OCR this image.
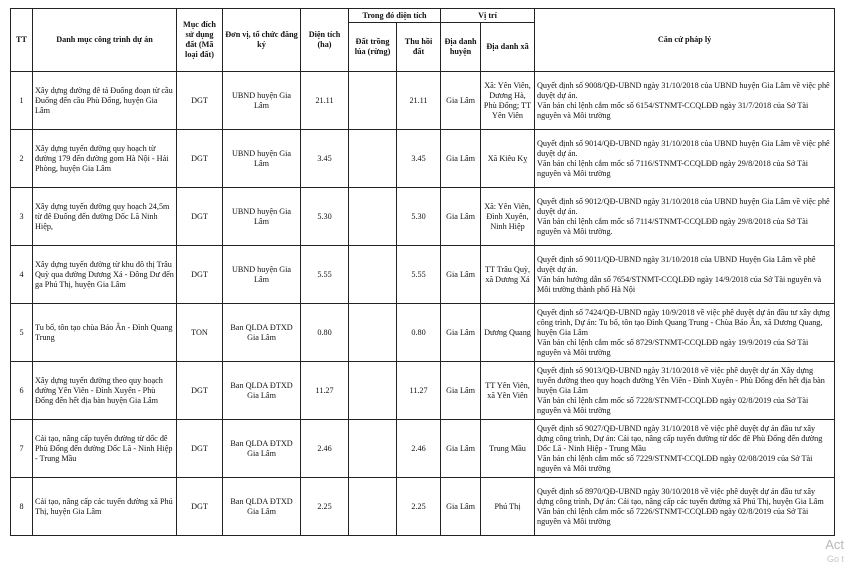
TT	Danh mục công trình dự án	Mục đích sử dụng đất (Mã loại đất)	Đơn vị, tổ chức đăng ký	Diện tích (ha)	Trong đó diện tích		Vị trí		Căn cứ pháp lý
					Đất trồng lúa (rừng)	Thu hồi đất	Địa danh huyện	Địa danh xã	
1	Xây dựng đường đê tả Đuống đoạn từ cầu Đuống đến cầu Phù Đổng, huyện Gia Lâm	DGT	UBND huyện Gia Lâm	21.11		21.11	Gia Lâm	Xã: Yên Viên, Dương Hà, Phù Đổng; TT Yên Viên	Quyết định số 9008/QĐ-UBND ngày 31/10/2018 của UBND huyện Gia Lâm về việc phê duyệt dự án.
Văn bản chỉ lệnh cắm mốc số 6154/STNMT-CCQLĐĐ ngày 31/7/2018 của Sở Tài nguyên và Môi trường

2	Xây dựng tuyến đường quy hoạch từ đường 179 đến đường gom Hà Nội - Hải Phòng, huyện Gia Lâm	DGT	UBND huyện Gia Lâm	3.45		3.45	Gia Lâm	Xã Kiêu Kỵ	Quyết định số 9014/QĐ-UBND ngày 31/10/2018 của UBND huyện Gia Lâm về việc phê duyệt dự án.
Văn bản chỉ lệnh cắm mốc số 7116/STNMT-CCQLĐĐ ngày 29/8/2018 của Sở Tài nguyên và Môi trường

3	Xây dựng tuyến đường quy hoạch 24,5m từ đê Đuống đến đường Dốc Lã Ninh Hiệp,	DGT	UBND huyện Gia Lâm	5.30		5.30	Gia Lâm	Xã: Yên Viên, Đình Xuyên, Ninh Hiệp	Quyết định số 9012/QĐ-UBND ngày 31/10/2018 của UBND huyện Gia Lâm về việc phê duyệt dự án.
Văn bản chỉ lệnh cắm mốc số 7114/STNMT-CCQLĐĐ ngày 29/8/2018 của Sở Tài nguyên và Môi trường.

4	Xây dựng tuyến đường từ khu đô thị Trâu Quỳ qua đường Dương Xá - Đông Dư đến ga Phú Thị, huyện Gia Lâm	DGT	UBND huyện Gia Lâm	5.55		5.55	Gia Lâm	TT Trâu Quỳ, xã Dương Xá	Quyết định số 9011/QĐ-UBND ngày 31/10/2018 của UBND Huyện Gia Lâm về phê duyệt dự án.
Văn bản hướng dẫn số 7654/STNMT-CCQLĐĐ ngày 14/9/2018 của Sở Tài nguyên và Môi trường thành phố Hà Nội

5	Tu bổ, tôn tạo chùa Báo Ân - Đình Quang Trung	TON	Ban QLDA ĐTXD Gia Lâm	0.80		0.80	Gia Lâm	Dương Quang	Quyết định số 7424/QĐ-UBND ngày 10/9/2018 về việc phê duyệt dự án đầu tư xây dựng công trình, Dự án: Tu bổ, tôn tạo Đình Quang Trung - Chùa Báo Ân, xã Dương Quang, huyện Gia Lâm
Văn bản chỉ lệnh cắm mốc số 8729/STNMT-CCQLĐĐ ngày 19/9/2019 của Sở Tài nguyên và Môi trường

6	Xây dựng tuyến đường theo quy hoạch đường Yên Viên - Đình Xuyên - Phù Đổng đến hết địa bàn huyện Gia Lâm	DGT	Ban QLDA ĐTXD Gia Lâm	11.27		11.27	Gia Lâm	TT Yên Viên, xã Yên Viên	Quyết định số 9013/QĐ-UBND ngày 31/10/2018 về việc phê duyệt dự án Xây dựng tuyến đường theo quy hoạch đường Yên Viên - Đình Xuyên - Phù Đổng đến hết địa bàn huyện Gia Lâm
Văn bản chỉ lệnh cắm mốc số 7228/STNMT-CCQLĐĐ ngày 02/8/2019 của Sở Tài nguyên và Môi trường

7	Cải tạo, nâng cấp tuyến đường từ dốc đê Phù Đổng đến đường Dốc Lã - Ninh Hiệp - Trung Mầu	DGT	Ban QLDA ĐTXD Gia Lâm	2.46		2.46	Gia Lâm	Trung Mầu	Quyết định số 9027/QĐ-UBND ngày 31/10/2018 về việc phê duyệt dự án đầu tư xây dựng công trình, Dự án: Cải tạo, nâng cấp tuyến đường từ dốc đê Phù Đổng đến đường Dốc Lã - Ninh Hiệp - Trung Mầu
Văn bản chỉ lệnh cắm mốc số 7229/STNMT-CCQLĐĐ ngày 02/08/2019 của Sở Tài nguyên và Môi trường

8	Cải tạo, nâng cấp các tuyến đường xã Phú Thị, huyện Gia Lâm	DGT	Ban QLDA ĐTXD Gia Lâm	2.25		2.25	Gia Lâm	Phú Thị	Quyết định số 8970/QĐ-UBND ngày 30/10/2018 về việc phê duyệt dự án đầu tư xây dựng công trình, Dự án: Cải tạo, nâng cấp các tuyến đường xã Phú Thị, huyện Gia Lâm
Văn bản chỉ lệnh cắm mốc số 7226/STNMT-CCQLĐĐ ngày 02/8/2019 của Sở Tài nguyên và Môi trường
Act
Go t
